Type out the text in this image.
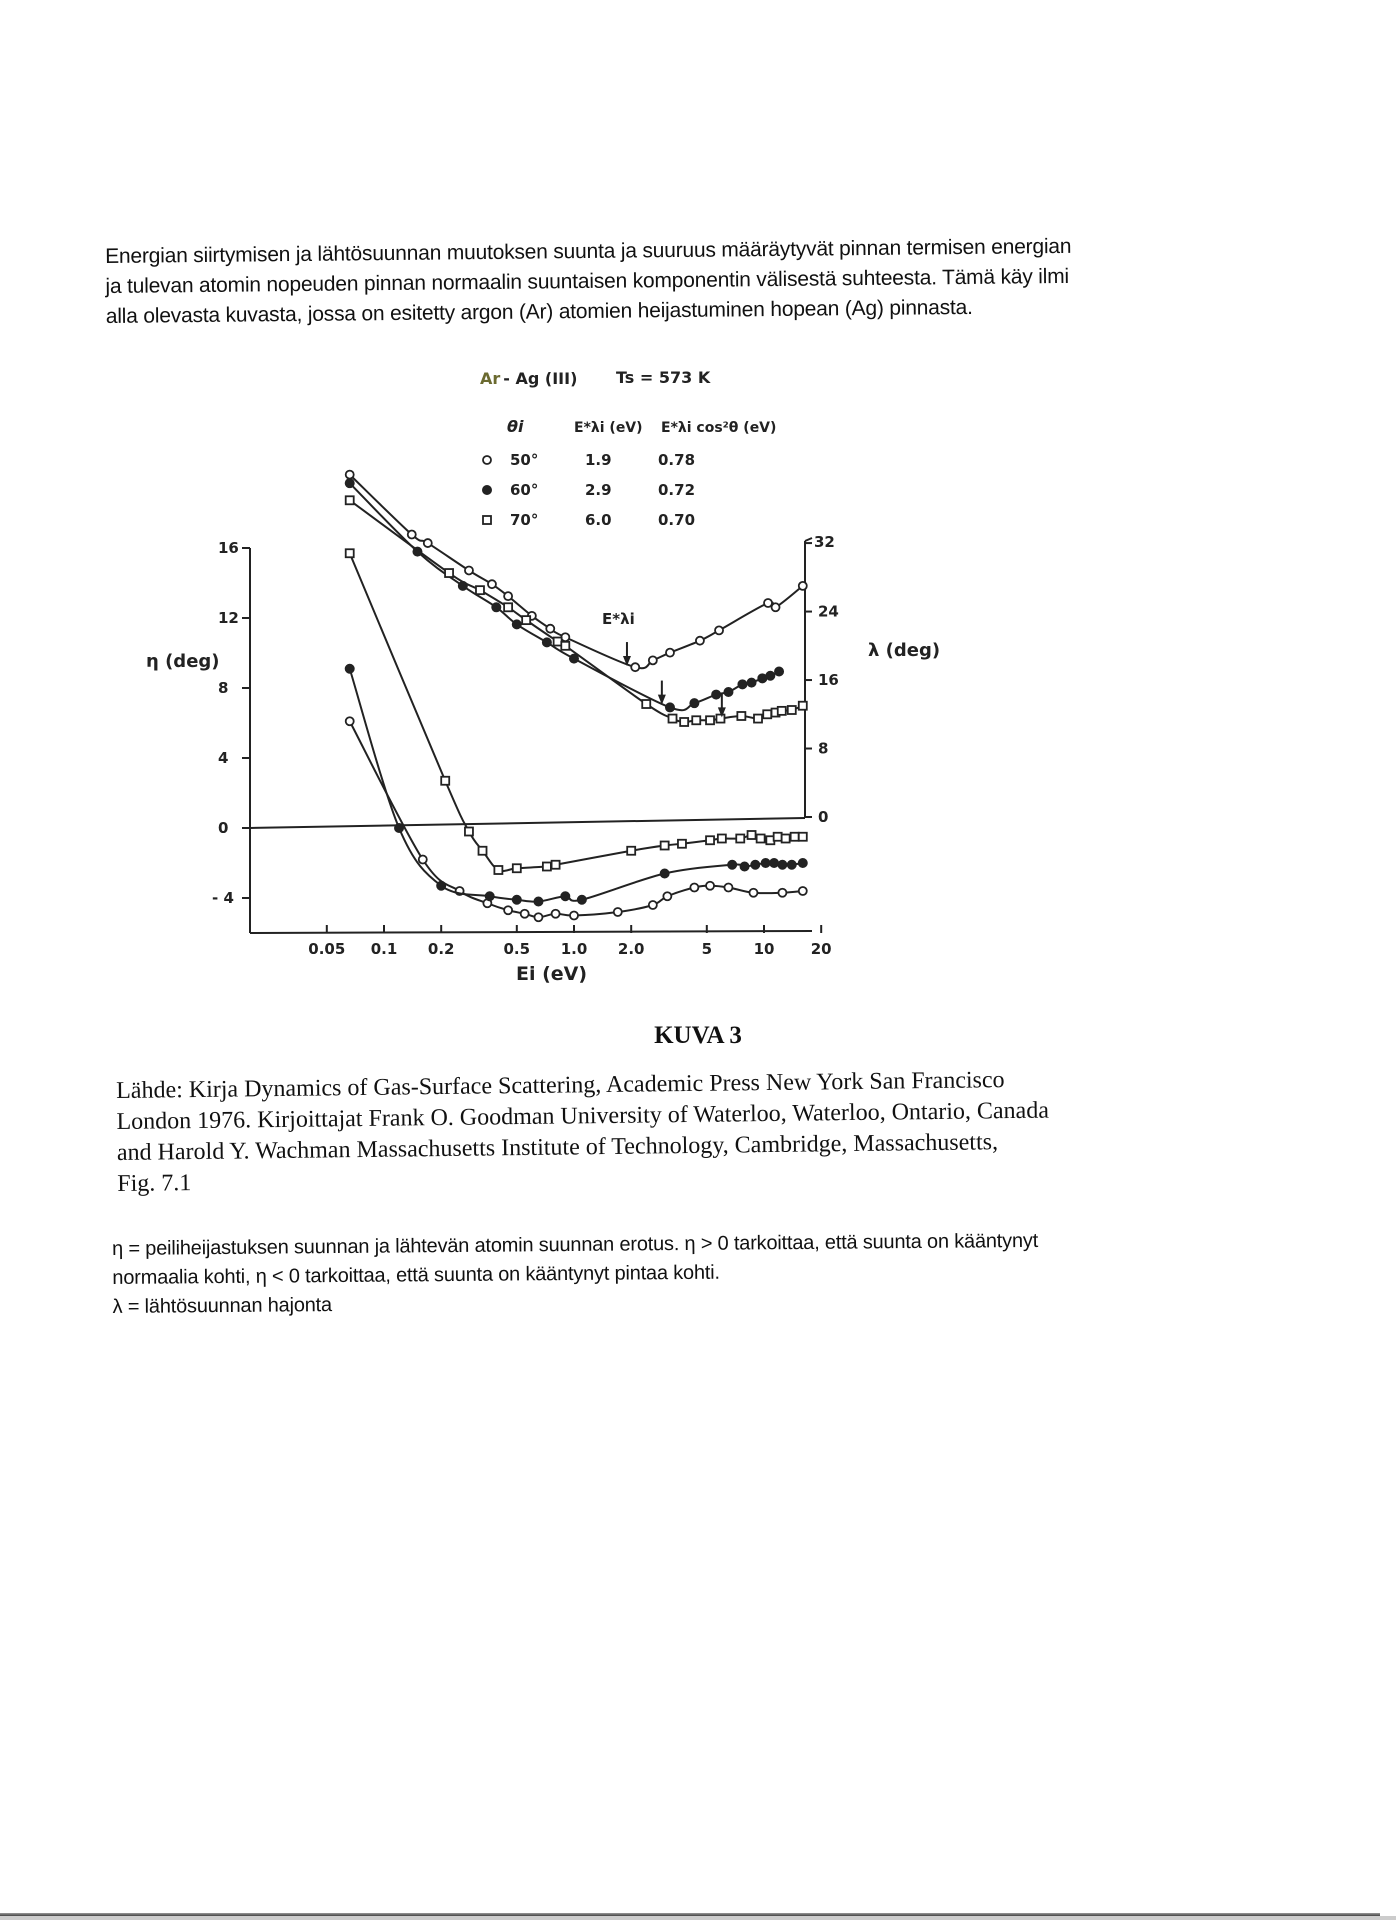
Energian siirtymisen ja lähtösuunnan muutoksen suunta ja suuruus määräytyvät pinnan termisen energian
ja tulevan atomin nopeuden pinnan normaalin suuntaisen komponentin välisestä suhteesta. Tämä käy ilmi
alla olevasta kuvasta, jossa on esitetty argon (Ar) atomien heijastuminen hopean (Ag) pinnasta.
Ar - Ag (III) Ts = 573 K
θi	E*λi (eV) E*λi cos²θ (eV)
50°	1.9	0.78
60°	2.9	0.72
70°	6.0	0.70
- 4
0
4
8
12
16
0
8
16
24
32
0.05 0.1 0.2	0.5 1.0 2.0	5	10 20
η (deg)
λ (deg)
Ei (eV)
E*λi
KUVA 3
Lähde: Kirja Dynamics of Gas-Surface Scattering, Academic Press New York San Francisco
London 1976. Kirjoittajat Frank O. Goodman University of Waterloo, Waterloo, Ontario, Canada
and Harold Y. Wachman Massachusetts Institute of Technology, Cambridge, Massachusetts,
Fig. 7.1
η = peiliheijastuksen suunnan ja lähtevän atomin suunnan erotus. η > 0 tarkoittaa, että suunta on kääntynyt
normaalia kohti, η < 0 tarkoittaa, että suunta on kääntynyt pintaa kohti.
λ = lähtösuunnan hajonta
